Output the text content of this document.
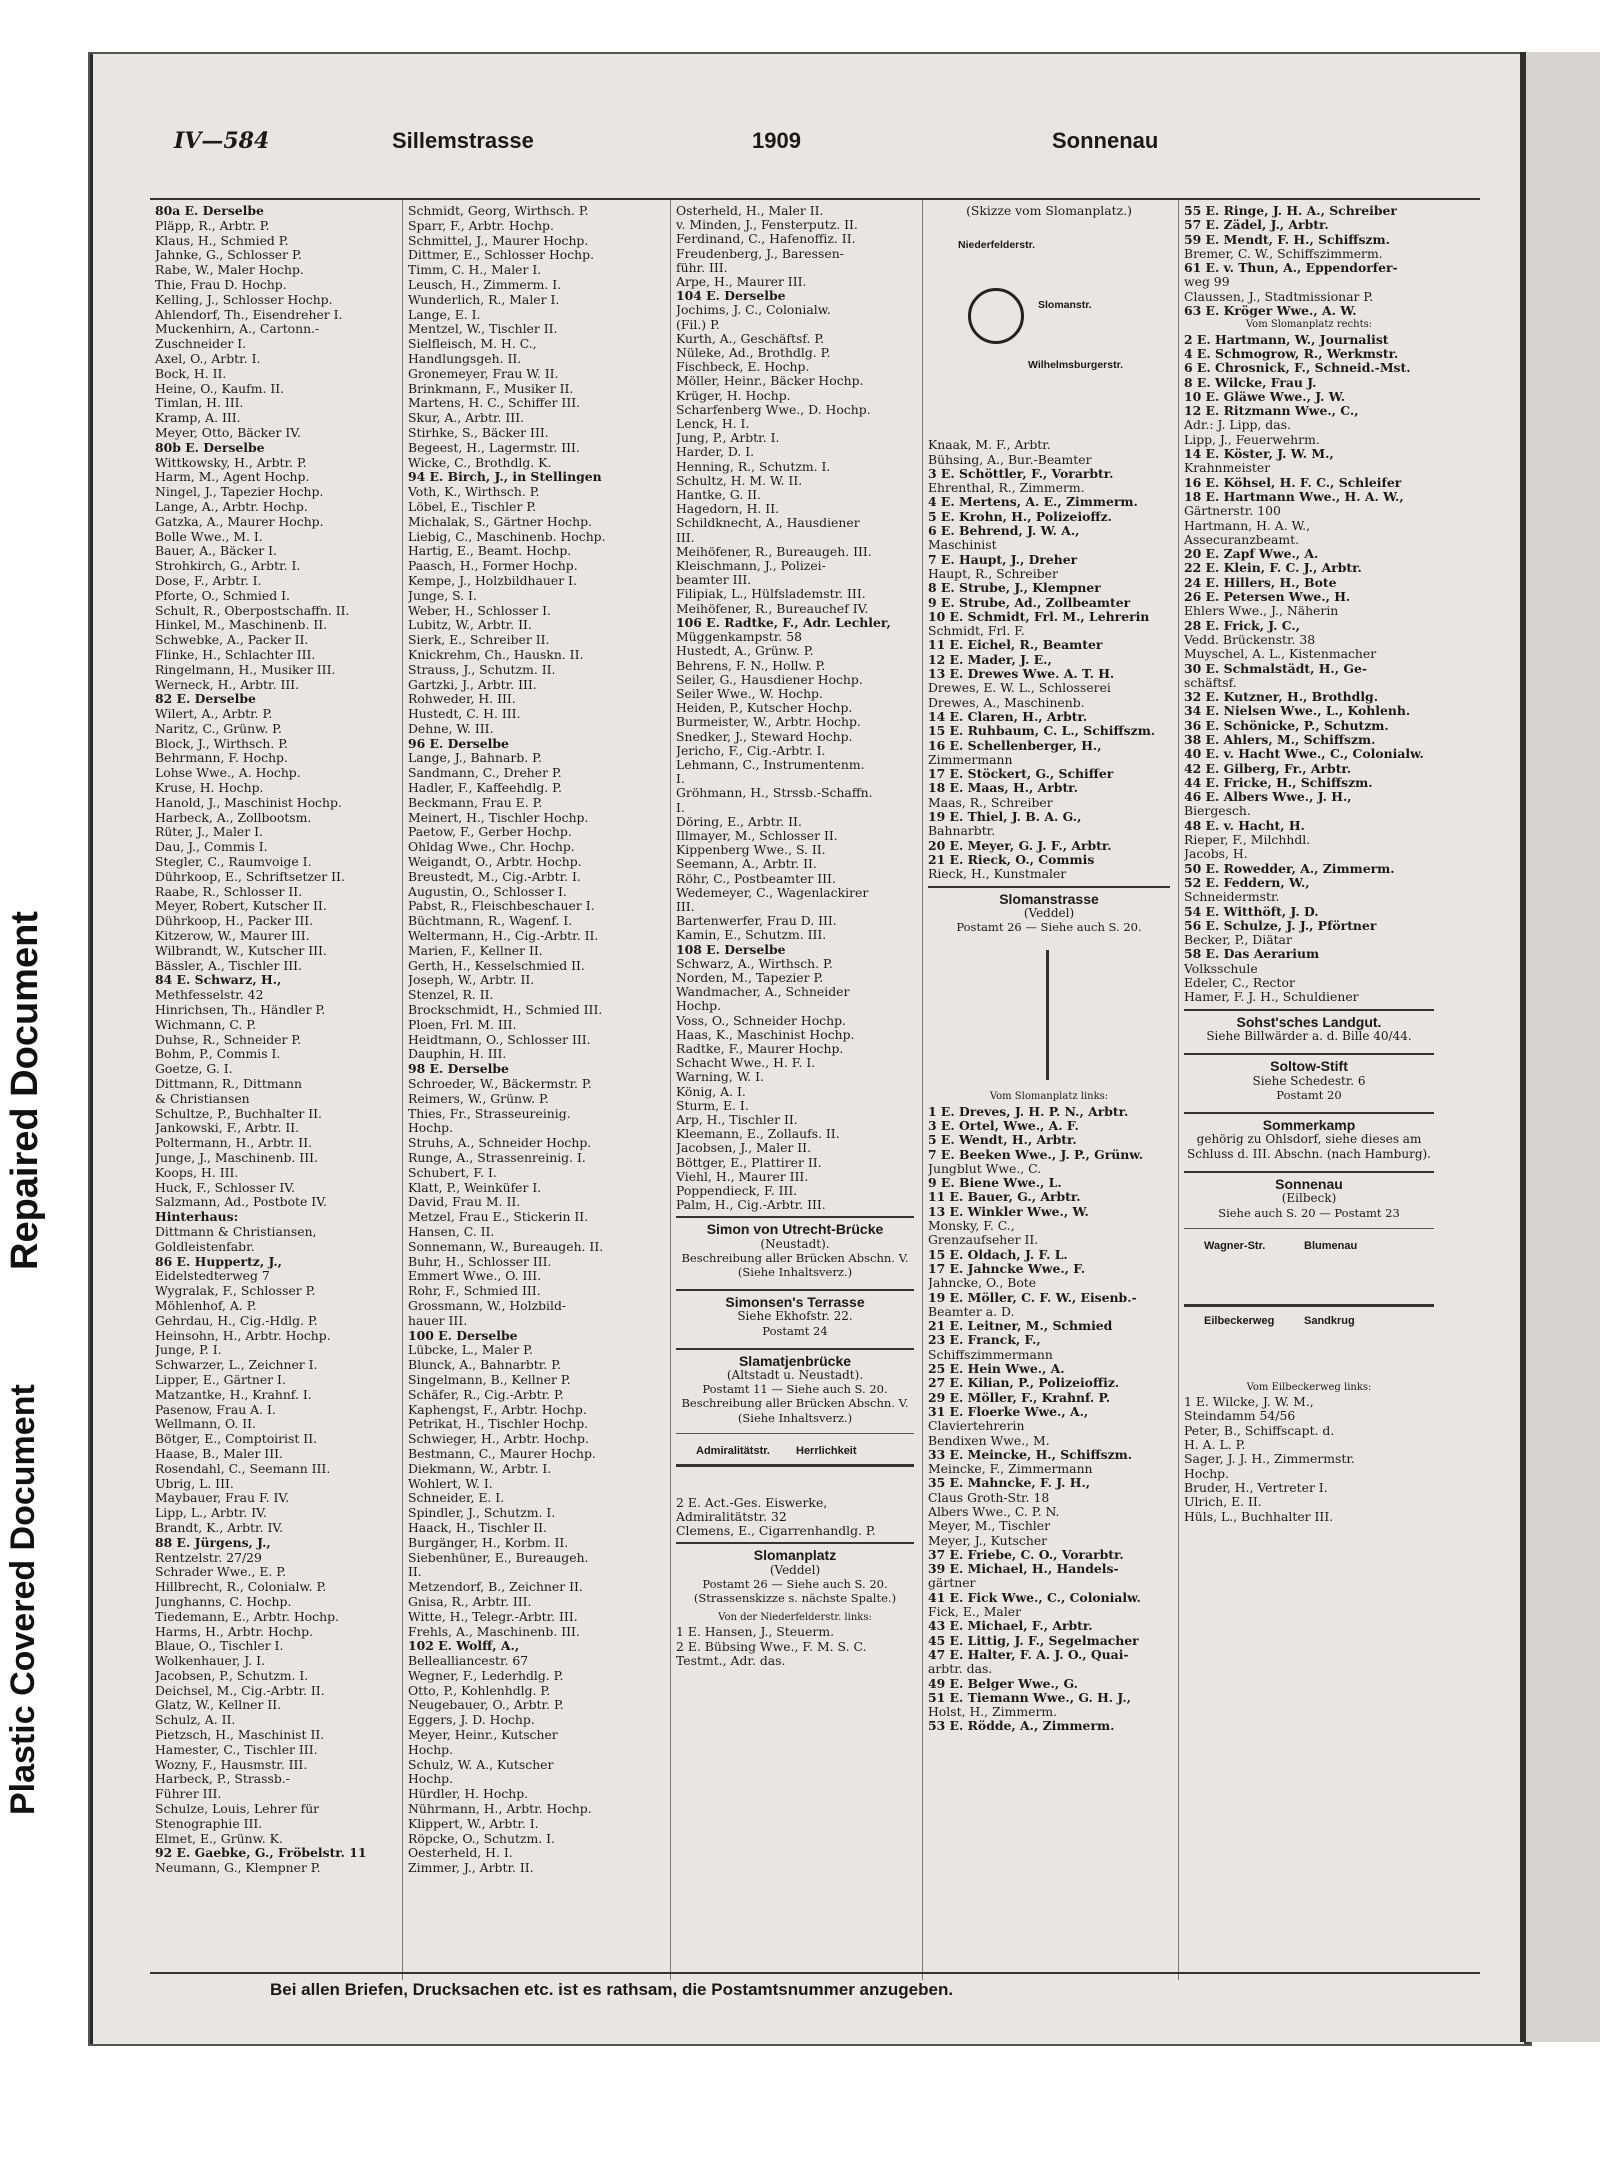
Plastic Covered Document
Repaired Document
IV—584	Sillemstrasse	1909	Sonnenau
80a E. Derselbe
Pläpp, R., Arbtr. P.
Klaus, H., Schmied P.
Jahnke, G., Schlosser P.
Rabe, W., Maler Hochp.
Thie, Frau D. Hochp.
Kelling, J., Schlosser Hochp.
Ahlendorf, Th., Eisendreher I.
Muckenhirn, A., Cartonn.-
Zuschneider I.
Axel, O., Arbtr. I.
Bock, H. II.
Heine, O., Kaufm. II.
Timlan, H. III.
Kramp, A. III.
Meyer, Otto, Bäcker IV.
80b E. Derselbe
Wittkowsky, H., Arbtr. P.
Harm, M., Agent Hochp.
Ningel, J., Tapezier Hochp.
Lange, A., Arbtr. Hochp.
Gatzka, A., Maurer Hochp.
Bolle Wwe., M. I.
Bauer, A., Bäcker I.
Strohkirch, G., Arbtr. I.
Dose, F., Arbtr. I.
Pforte, O., Schmied I.
Schult, R., Oberpostschaffn. II.
Hinkel, M., Maschinenb. II.
Schwebke, A., Packer II.
Flinke, H., Schlachter III.
Ringelmann, H., Musiker III.
Werneck, H., Arbtr. III.
82 E. Derselbe
Wilert, A., Arbtr. P.
Naritz, C., Grünw. P.
Block, J., Wirthsch. P.
Behrmann, F. Hochp.
Lohse Wwe., A. Hochp.
Kruse, H. Hochp.
Hanold, J., Maschinist Hochp.
Harbeck, A., Zollbootsm.
Rüter, J., Maler I.
Dau, J., Commis I.
Stegler, C., Raumvoige I.
Dührkoop, E., Schriftsetzer II.
Raabe, R., Schlosser II.
Meyer, Robert, Kutscher II.
Dührkoop, H., Packer III.
Kitzerow, W., Maurer III.
Wilbrandt, W., Kutscher III.
Bässler, A., Tischler III.
84 E. Schwarz, H.,
Methfesselstr. 42
Hinrichsen, Th., Händler P.
Wichmann, C. P.
Duhse, R., Schneider P.
Bohm, P., Commis I.
Goetze, G. I.
Dittmann, R., Dittmann
& Christiansen
Schultze, P., Buchhalter II.
Jankowski, F., Arbtr. II.
Poltermann, H., Arbtr. II.
Junge, J., Maschinenb. III.
Koops, H. III.
Huck, F., Schlosser IV.
Salzmann, Ad., Postbote IV.
Hinterhaus:
Dittmann & Christiansen,
Goldleistenfabr.
86 E. Huppertz, J.,
Eidelstedterweg 7
Wygralak, F., Schlosser P.
Möhlenhof, A. P.
Gehrdau, H., Cig.-Hdlg. P.
Heinsohn, H., Arbtr. Hochp.
Junge, P. I.
Schwarzer, L., Zeichner I.
Lipper, E., Gärtner I.
Matzantke, H., Krahnf. I.
Pasenow, Frau A. I.
Wellmann, O. II.
Bötger, E., Comptoirist II.
Haase, B., Maler III.
Rosendahl, C., Seemann III.
Ubrig, L. III.
Maybauer, Frau F. IV.
Lipp, L., Arbtr. IV.
Brandt, K., Arbtr. IV.
88 E. Jürgens, J.,
Rentzelstr. 27/29
Schrader Wwe., E. P.
Hillbrecht, R., Colonialw. P.
Junghanns, C. Hochp.
Tiedemann, E., Arbtr. Hochp.
Harms, H., Arbtr. Hochp.
Blaue, O., Tischler I.
Wolkenhauer, J. I.
Jacobsen, P., Schutzm. I.
Deichsel, M., Cig.-Arbtr. II.
Glatz, W., Kellner II.
Schulz, A. II.
Pietzsch, H., Maschinist II.
Hamester, C., Tischler III.
Wozny, F., Hausmstr. III.
Harbeck, P., Strassb.-
Führer III.
Schulze, Louis, Lehrer für
Stenographie III.
Elmet, E., Grünw. K.
92 E. Gaebke, G., Fröbelstr. 11
Neumann, G., Klempner P.
Schmidt, Georg, Wirthsch. P.
Sparr, F., Arbtr. Hochp.
Schmittel, J., Maurer Hochp.
Dittmer, E., Schlosser Hochp.
Timm, C. H., Maler I.
Leusch, H., Zimmerm. I.
Wunderlich, R., Maler I.
Lange, E. I.
Mentzel, W., Tischler II.
Sielfleisch, M. H. C.,
Handlungsgeh. II.
Gronemeyer, Frau W. II.
Brinkmann, F., Musiker II.
Martens, H. C., Schiffer III.
Skur, A., Arbtr. III.
Stirhke, S., Bäcker III.
Begeest, H., Lagermstr. III.
Wicke, C., Brothdlg. K.
94 E. Birch, J., in Stellingen
Voth, K., Wirthsch. P.
Löbel, E., Tischler P.
Michalak, S., Gärtner Hochp.
Liebig, C., Maschinenb. Hochp.
Hartig, E., Beamt. Hochp.
Paasch, H., Former Hochp.
Kempe, J., Holzbildhauer I.
Junge, S. I.
Weber, H., Schlosser I.
Lubitz, W., Arbtr. II.
Sierk, E., Schreiber II.
Knickrehm, Ch., Hauskn. II.
Strauss, J., Schutzm. II.
Gartzki, J., Arbtr. III.
Rohweder, H. III.
Hustedt, C. H. III.
Dehne, W. III.
96 E. Derselbe
Lange, J., Bahnarb. P.
Sandmann, C., Dreher P.
Hadler, F., Kaffeehdlg. P.
Beckmann, Frau E. P.
Meinert, H., Tischler Hochp.
Paetow, F., Gerber Hochp.
Ohldag Wwe., Chr. Hochp.
Weigandt, O., Arbtr. Hochp.
Breustedt, M., Cig.-Arbtr. I.
Augustin, O., Schlosser I.
Pabst, R., Fleischbeschauer I.
Büchtmann, R., Wagenf. I.
Weltermann, H., Cig.-Arbtr. II.
Marien, F., Kellner II.
Gerth, H., Kesselschmied II.
Joseph, W., Arbtr. II.
Stenzel, R. II.
Brockschmidt, H., Schmied III.
Ploen, Frl. M. III.
Heidtmann, O., Schlosser III.
Dauphin, H. III.
98 E. Derselbe
Schroeder, W., Bäckermstr. P.
Reimers, W., Grünw. P.
Thies, Fr., Strasseureinig.
Hochp.
Struhs, A., Schneider Hochp.
Runge, A., Strassenreinig. I.
Schubert, F. I.
Klatt, P., Weinküfer I.
David, Frau M. II.
Metzel, Frau E., Stickerin II.
Hansen, C. II.
Sonnemann, W., Bureaugeh. II.
Buhr, H., Schlosser III.
Emmert Wwe., O. III.
Rohr, F., Schmied III.
Grossmann, W., Holzbild-
hauer III.
100 E. Derselbe
Lübcke, L., Maler P.
Blunck, A., Bahnarbtr. P.
Singelmann, B., Kellner P.
Schäfer, R., Cig.-Arbtr. P.
Kaphengst, F., Arbtr. Hochp.
Petrikat, H., Tischler Hochp.
Schwieger, H., Arbtr. Hochp.
Bestmann, C., Maurer Hochp.
Diekmann, W., Arbtr. I.
Wohlert, W. I.
Schneider, E. I.
Spindler, J., Schutzm. I.
Haack, H., Tischler II.
Burgänger, H., Korbm. II.
Siebenhüner, E., Bureaugeh.
II.
Metzendorf, B., Zeichner II.
Gnisa, R., Arbtr. III.
Witte, H., Telegr.-Arbtr. III.
Frehls, A., Maschinenb. III.
102 E. Wolff, A.,
Bellealliancestr. 67
Wegner, F., Lederhdlg. P.
Otto, P., Kohlenhdlg. P.
Neugebauer, O., Arbtr. P.
Eggers, J. D. Hochp.
Meyer, Heinr., Kutscher
Hochp.
Schulz, W. A., Kutscher
Hochp.
Hürdler, H. Hochp.
Nührmann, H., Arbtr. Hochp.
Klippert, W., Arbtr. I.
Röpcke, O., Schutzm. I.
Oesterheld, H. I.
Zimmer, J., Arbtr. II.
Osterheld, H., Maler II.
v. Minden, J., Fensterputz. II.
Ferdinand, C., Hafenoffiz. II.
Freudenberg, J., Baressen-
führ. III.
Arpe, H., Maurer III.
104 E. Derselbe
Jochims, J. C., Colonialw.
(Fil.) P.
Kurth, A., Geschäftsf. P.
Nüleke, Ad., Brothdlg. P.
Fischbeck, E. Hochp.
Möller, Heinr., Bäcker Hochp.
Krüger, H. Hochp.
Scharfenberg Wwe., D. Hochp.
Lenck, H. I.
Jung, P., Arbtr. I.
Harder, D. I.
Henning, R., Schutzm. I.
Schultz, H. M. W. II.
Hantke, G. II.
Hagedorn, H. II.
Schildknecht, A., Hausdiener
III.
Meihöfener, R., Bureaugeh. III.
Kleischmann, J., Polizei-
beamter III.
Filipiak, L., Hülfslademstr. III.
Meihöfener, R., Bureauchef IV.
106 E. Radtke, F., Adr. Lechler,
Müggenkampstr. 58
Hustedt, A., Grünw. P.
Behrens, F. N., Hollw. P.
Seiler, G., Hausdiener Hochp.
Seiler Wwe., W. Hochp.
Heiden, P., Kutscher Hochp.
Burmeister, W., Arbtr. Hochp.
Snedker, J., Steward Hochp.
Jericho, F., Cig.-Arbtr. I.
Lehmann, C., Instrumentenm.
I.
Gröhmann, H., Strssb.-Schaffn.
I.
Döring, E., Arbtr. II.
Illmayer, M., Schlosser II.
Kippenberg Wwe., S. II.
Seemann, A., Arbtr. II.
Röhr, C., Postbeamter III.
Wedemeyer, C., Wagenlackirer
III.
Bartenwerfer, Frau D. III.
Kamin, E., Schutzm. III.
108 E. Derselbe
Schwarz, A., Wirthsch. P.
Norden, M., Tapezier P.
Wandmacher, A., Schneider
Hochp.
Voss, O., Schneider Hochp.
Haas, K., Maschinist Hochp.
Radtke, F., Maurer Hochp.
Schacht Wwe., H. F. I.
Warning, W. I.
König, A. I.
Sturm, E. I.
Arp, H., Tischler II.
Kleemann, E., Zollaufs. II.
Jacobsen, J., Maler II.
Böttger, E., Plattirer II.
Viehl, H., Maurer III.
Poppendieck, F. III.
Palm, H., Cig.-Arbtr. III.
Simon von Utrecht-Brücke
(Neustadt).
Beschreibung aller Brücken Abschn. V. (Siehe Inhaltsverz.)
Simonsen's Terrasse
Siehe Ekhofstr. 22.
Postamt 24
Slamatjenbrücke
(Altstadt u. Neustadt).
Postamt 11 — Siehe auch S. 20. Beschreibung aller Brücken Abschn. V. (Siehe Inhaltsverz.)
Admiralitätstr. Herrlichkeit
2 E. Act.-Ges. Eiswerke,
Admiralitätstr. 32
Clemens, E., Cigarrenhandlg. P.
Slomanplatz
(Veddel)
Postamt 26 — Siehe auch S. 20. (Strassenskizze s. nächste Spalte.)
Von der Niederfelderstr. links:
1 E. Hansen, J., Steuerm.
2 E. Bübsing Wwe., F. M. S. C.
Testmt., Adr. das.
(Skizze vom Slomanplatz.)
Niederfelderstr.
Slomanstr.
Wilhelmsburgerstr.
Knaak, M. F., Arbtr.
Bühsing, A., Bur.-Beamter
3 E. Schöttler, F., Vorarbtr.
Ehrenthal, R., Zimmerm.
4 E. Mertens, A. E., Zimmerm.
5 E. Krohn, H., Polizeioffz.
6 E. Behrend, J. W. A.,
Maschinist
7 E. Haupt, J., Dreher
Haupt, R., Schreiber
8 E. Strube, J., Klempner
9 E. Strube, Ad., Zollbeamter
10 E. Schmidt, Frl. M., Lehrerin
Schmidt, Frl. F.
11 E. Eichel, R., Beamter
12 E. Mader, J. E.,
13 E. Drewes Wwe. A. T. H.
Drewes, E. W. L., Schlosserei
Drewes, A., Maschinenb.
14 E. Claren, H., Arbtr.
15 E. Ruhbaum, C. L., Schiffszm.
16 E. Schellenberger, H.,
Zimmermann
17 E. Stöckert, G., Schiffer
18 E. Maas, H., Arbtr.
Maas, R., Schreiber
19 E. Thiel, J. B. A. G.,
Bahnarbtr.
20 E. Meyer, G. J. F., Arbtr.
21 E. Rieck, O., Commis
Rieck, H., Kunstmaler
Slomanstrasse
(Veddel)
Postamt 26 — Siehe auch S. 20.
Vom Slomanplatz links:
1 E. Dreves, J. H. P. N., Arbtr.
3 E. Ortel, Wwe., A. F.
5 E. Wendt, H., Arbtr.
7 E. Beeken Wwe., J. P., Grünw.
Jungblut Wwe., C.
9 E. Biene Wwe., L.
11 E. Bauer, G., Arbtr.
13 E. Winkler Wwe., W.
Monsky, F. C.,
Grenzaufseher II.
15 E. Oldach, J. F. L.
17 E. Jahncke Wwe., F.
Jahncke, O., Bote
19 E. Möller, C. F. W., Eisenb.-
Beamter a. D.
21 E. Leitner, M., Schmied
23 E. Franck, F.,
Schiffszimmermann
25 E. Hein Wwe., A.
27 E. Kilian, P., Polizeioffiz.
29 E. Möller, F., Krahnf. P.
31 E. Floerke Wwe., A.,
Claviertehrerin
Bendixen Wwe., M.
33 E. Meincke, H., Schiffszm.
Meincke, F., Zimmermann
35 E. Mahncke, F. J. H.,
Claus Groth-Str. 18
Albers Wwe., C. P. N.
Meyer, M., Tischler
Meyer, J., Kutscher
37 E. Friebe, C. O., Vorarbtr.
39 E. Michael, H., Handels-
gärtner
41 E. Fick Wwe., C., Colonialw.
Fick, E., Maler
43 E. Michael, F., Arbtr.
45 E. Littig, J. F., Segelmacher
47 E. Halter, F. A. J. O., Quai-
arbtr. das.
49 E. Belger Wwe., G.
51 E. Tiemann Wwe., G. H. J.,
Holst, H., Zimmerm.
53 E. Rödde, A., Zimmerm.
55 E. Ringe, J. H. A., Schreiber
57 E. Zädel, J., Arbtr.
59 E. Mendt, F. H., Schiffszm.
Bremer, C. W., Schiffszimmerm.
61 E. v. Thun, A., Eppendorfer-
weg 99
Claussen, J., Stadtmissionar P.
63 E. Kröger Wwe., A. W.
Vom Slomanplatz rechts:
2 E. Hartmann, W., Journalist
4 E. Schmogrow, R., Werkmstr.
6 E. Chrosnick, F., Schneid.-Mst.
8 E. Wilcke, Frau J.
10 E. Gläwe Wwe., J. W.
12 E. Ritzmann Wwe., C.,
Adr.: J. Lipp, das.
Lipp, J., Feuerwehrm.
14 E. Köster, J. W. M.,
Krahnmeister
16 E. Köhsel, H. F. C., Schleifer
18 E. Hartmann Wwe., H. A. W.,
Gärtnerstr. 100
Hartmann, H. A. W.,
Assecuranzbeamt.
20 E. Zapf Wwe., A.
22 E. Klein, F. C. J., Arbtr.
24 E. Hillers, H., Bote
26 E. Petersen Wwe., H.
Ehlers Wwe., J., Näherin
28 E. Frick, J. C.,
Vedd. Brückenstr. 38
Muyschel, A. L., Kistenmacher
30 E. Schmalstädt, H., Ge-
schäftsf.
32 E. Kutzner, H., Brothdlg.
34 E. Nielsen Wwe., L., Kohlenh.
36 E. Schönicke, P., Schutzm.
38 E. Ahlers, M., Schiffszm.
40 E. v. Hacht Wwe., C., Colonialw.
42 E. Gilberg, Fr., Arbtr.
44 E. Fricke, H., Schiffszm.
46 E. Albers Wwe., J. H.,
Biergesch.
48 E. v. Hacht, H.
Rieper, F., Milchhdl.
Jacobs, H.
50 E. Rowedder, A., Zimmerm.
52 E. Feddern, W.,
Schneidermstr.
54 E. Witthöft, J. D.
56 E. Schulze, J. J., Pförtner
Becker, P., Diätar
58 E. Das Aerarium
Volksschule
Edeler, C., Rector
Hamer, F. J. H., Schuldiener
Sohst'sches Landgut.
Siehe Billwärder a. d. Bille 40/44.
Soltow-Stift
Siehe Schedestr. 6
Postamt 20
Sommerkamp
gehörig zu Ohlsdorf, siehe dieses am Schluss d. III. Abschn. (nach Hamburg).
Sonnenau
(Eilbeck)
Siehe auch S. 20 — Postamt 23
Wagner-Str.	Blumenau
Eilbeckerweg	Sandkrug
Vom Eilbeckerweg links:
1 E. Wilcke, J. W. M.,
Steindamm 54/56
Peter, B., Schiffscapt. d.
H. A. L. P.
Sager, J. J. H., Zimmermstr.
Hochp.
Bruder, H., Vertreter I.
Ulrich, E. II.
Hüls, L., Buchhalter III.
Bei allen Briefen, Drucksachen etc. ist es rathsam, die Postamtsnummer anzugeben.
